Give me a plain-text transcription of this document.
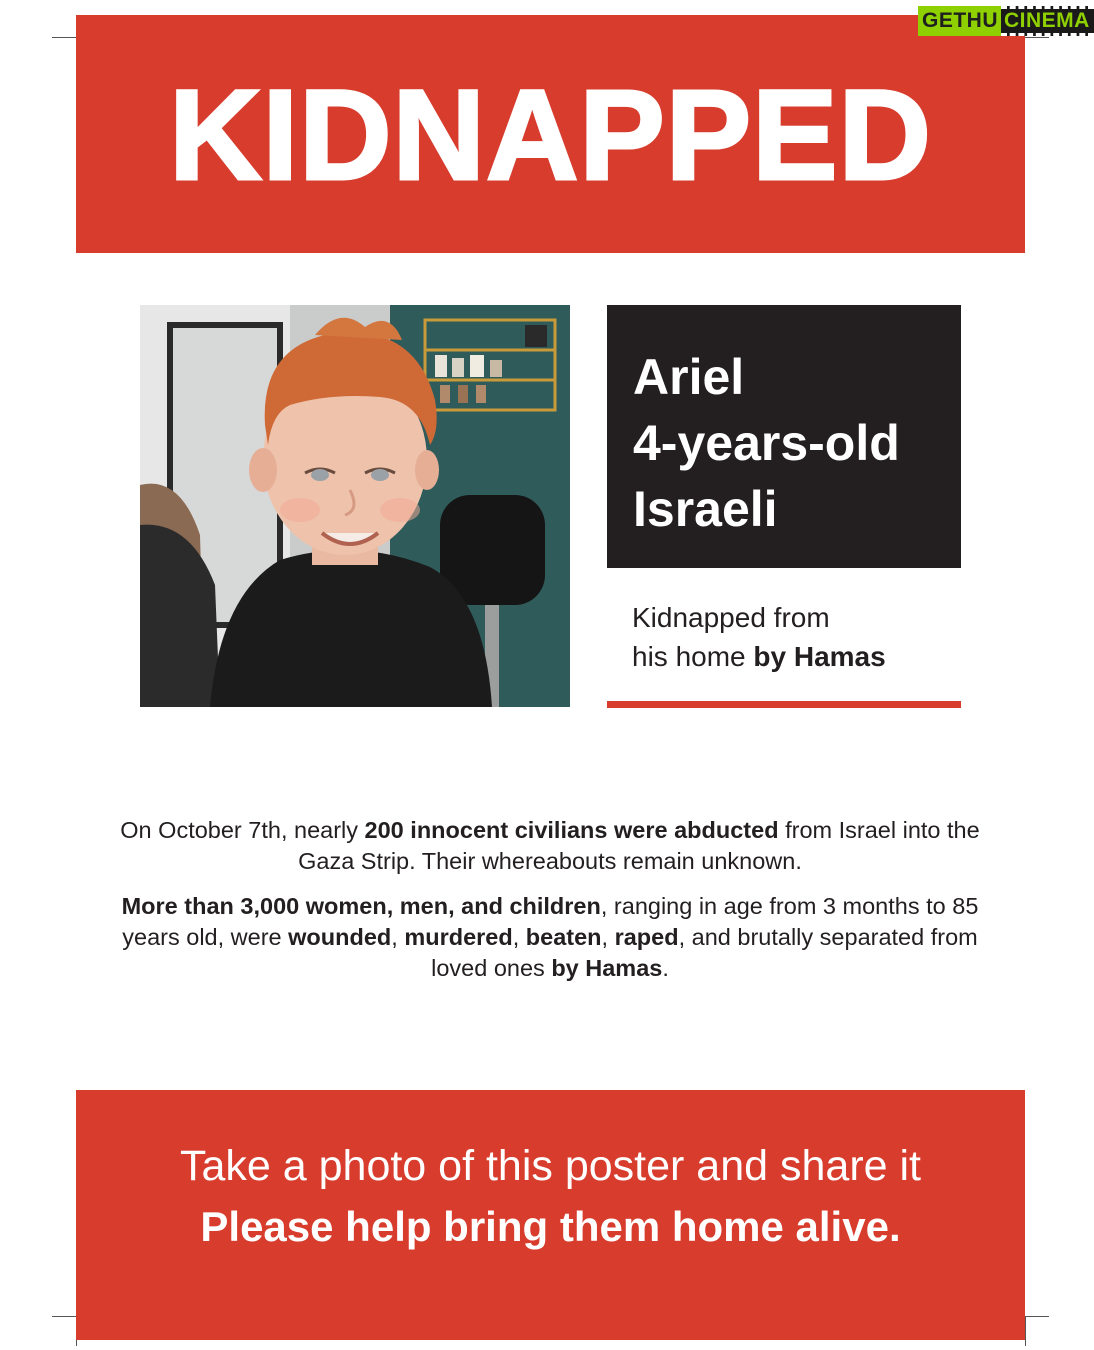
KIDNAPPED
Ariel
4-years-old
Israeli
Kidnapped from
his home by Hamas
On October 7th, nearly 200 innocent civilians were abducted from Israel into the Gaza Strip. Their whereabouts remain unknown.
More than 3,000 women, men, and children, ranging in age from 3 months to 85 years old, were wounded, murdered, beaten, raped, and brutally separated from loved ones by Hamas.
Take a photo of this poster and share it
Please help bring them home alive.
GETHU CINEMA
